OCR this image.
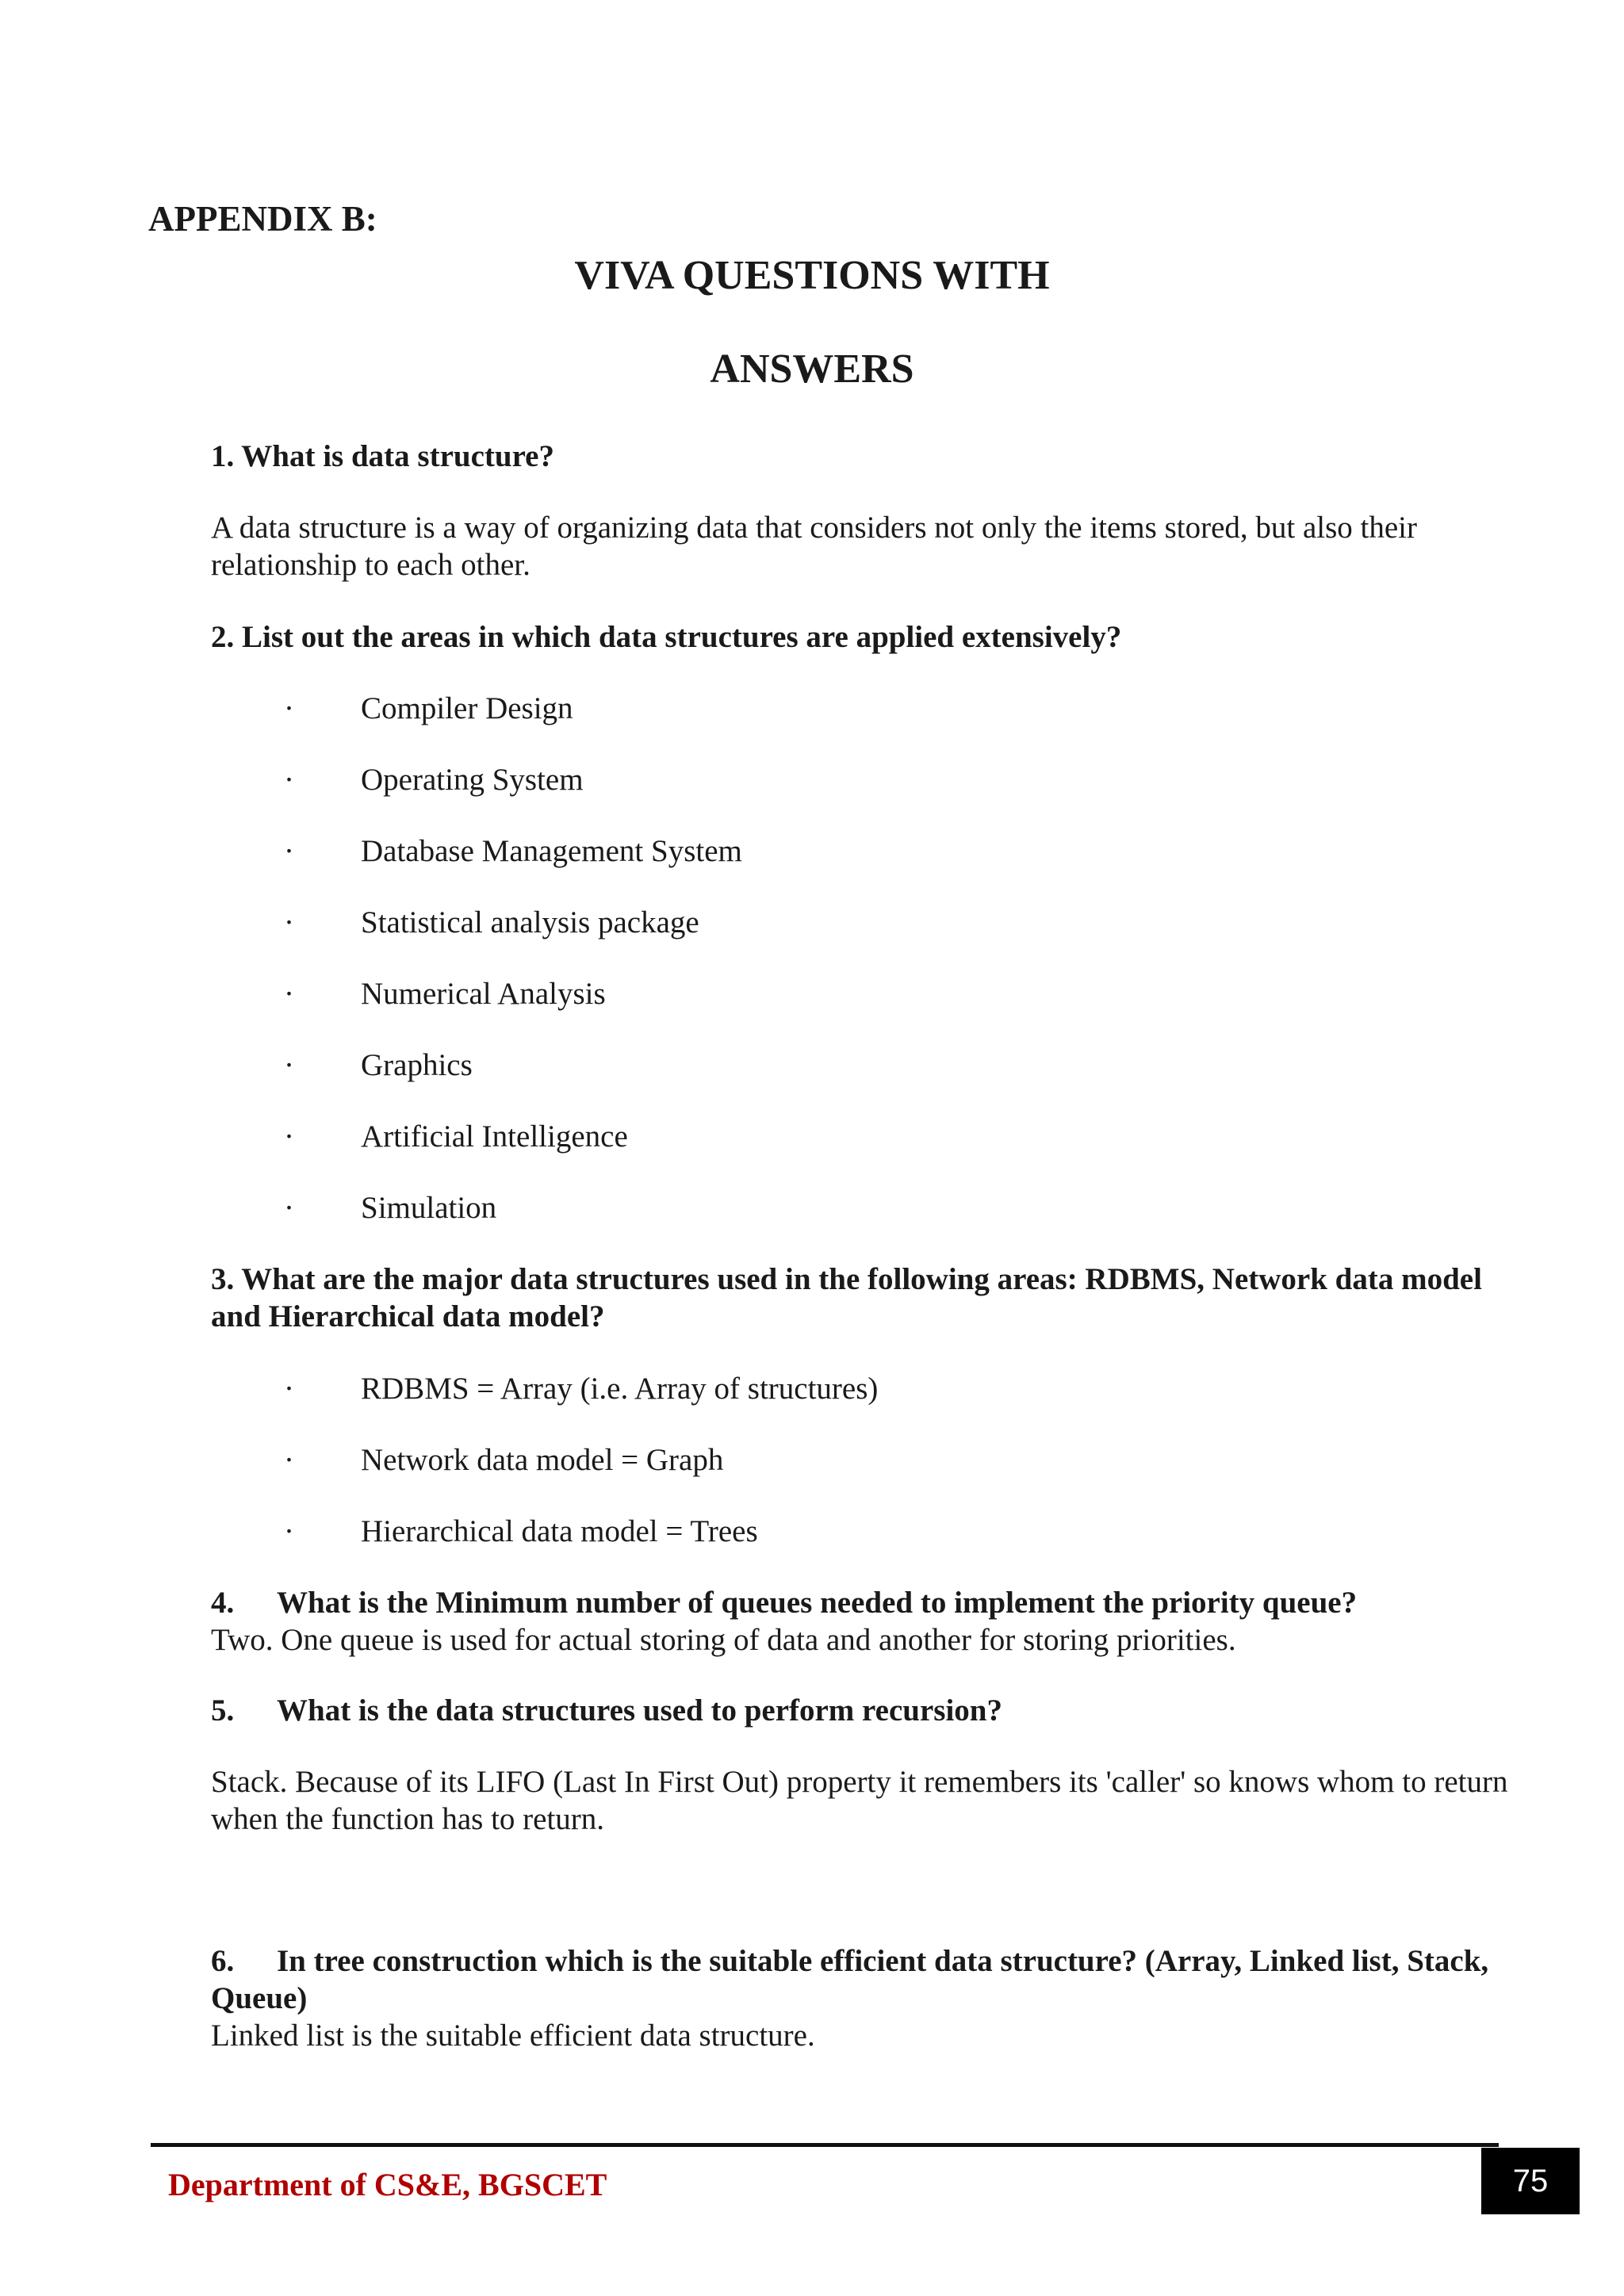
APPENDIX B:
VIVA QUESTIONS WITH
ANSWERS
1. What is data structure?
A data structure is a way of organizing data that considers not only the items stored, but also their relationship to each other.
2. List out the areas in which data structures are applied extensively?
· Compiler Design
· Operating System
· Database Management System
· Statistical analysis package
· Numerical Analysis
· Graphics
· Artificial Intelligence
· Simulation
3. What are the major data structures used in the following areas: RDBMS, Network data model and Hierarchical data model?
· RDBMS = Array (i.e. Array of structures)
· Network data model = Graph
· Hierarchical data model = Trees
4. What is the Minimum number of queues needed to implement the priority queue?
Two. One queue is used for actual storing of data and another for storing priorities.
5. What is the data structures used to perform recursion?
Stack. Because of its LIFO (Last In First Out) property it remembers its 'caller' so knows whom to return when the function has to return.
6. In tree construction which is the suitable efficient data structure? (Array, Linked list, Stack, Queue)
Linked list is the suitable efficient data structure.
Department of CS&E, BGSCET	75
